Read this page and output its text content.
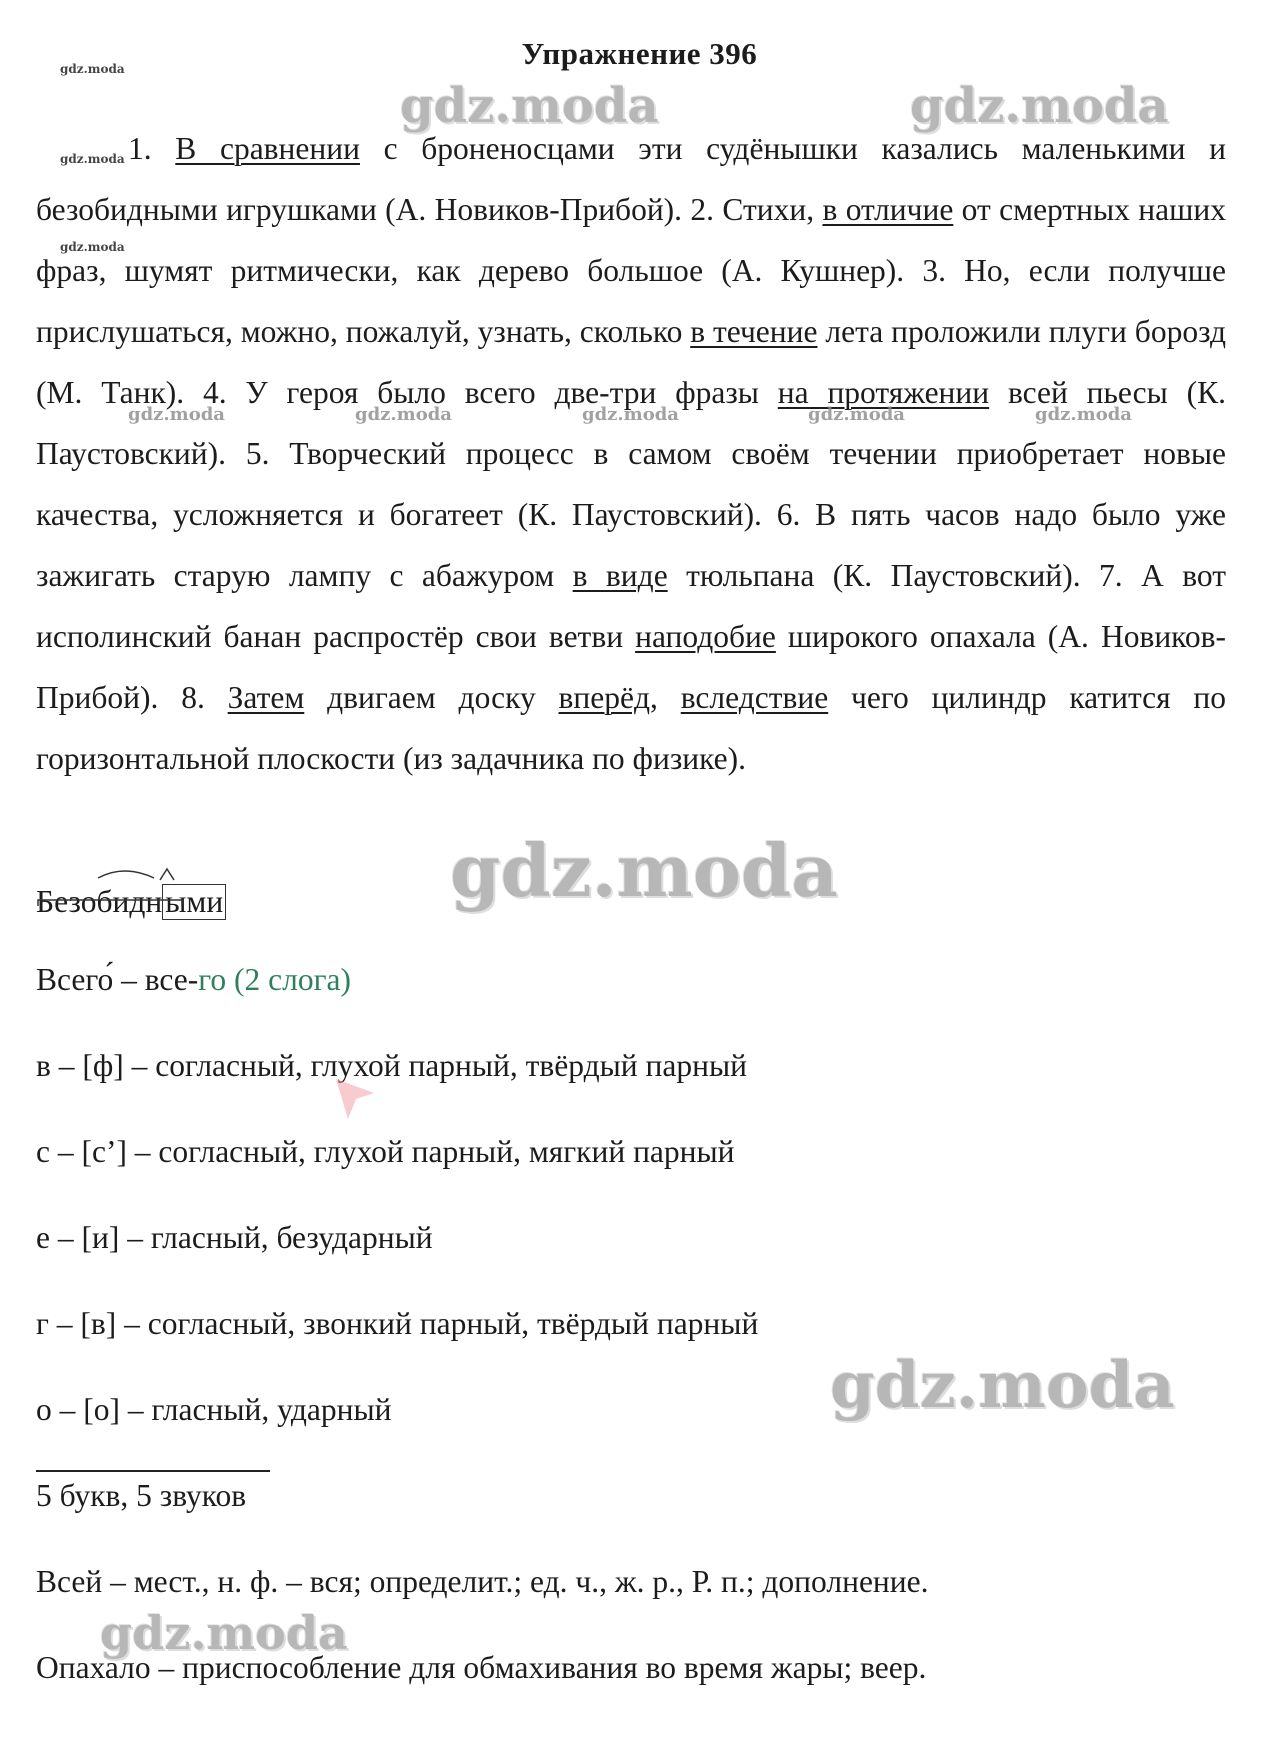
Упражнение 396

1. В сравнении с броненосцами эти судёнышки казались маленькими и безобидными игрушками (А. Новиков-Прибой). 2. Стихи, в отличие от смертных наших фраз, шумят ритмически, как дерево большое (А. Кушнер). 3. Но, если получше прислушаться, можно, пожалуй, узнать, сколько в течение лета проложили плуги борозд (М. Танк). 4. У героя было всего две-три фразы на протяжении всей пьесы (К. Паустовский). 5. Творческий процесс в самом своём течении приобретает новые качества, усложняется и богатеет (К. Паустовский). 6. В пять часов надо было уже зажигать старую лампу с абажуром в виде тюльпана (К. Паустовский). 7. А вот исполинский банан распростёр свои ветви наподобие широкого опахала (А. Новиков-Прибой). 8. Затем двигаем доску вперёд, вследствие чего цилиндр катится по горизонтальной плоскости (из задачника по физике).

Безобидными
Всего́ – все-го (2 слога)
в – [ф] – согласный, глухой парный, твёрдый парный
с – [с’] – согласный, глухой парный, мягкий парный
е – [и] – гласный, безударный
г – [в] – согласный, звонкий парный, твёрдый парный
о – [о] – гласный, ударный
5 букв, 5 звуков
Всей – мест., н. ф. – вся; определит.; ед. ч., ж. р., Р. п.; дополнение.
Опахало – приспособление для обмахивания во время жары; веер.
gdz.moda
gdz.moda
gdz.moda
gdz.moda	gdz.moda
gdz.moda	gdz.moda	gdz.moda	gdz.moda	gdz.moda
gdz.moda
gdz.moda
gdz.moda
